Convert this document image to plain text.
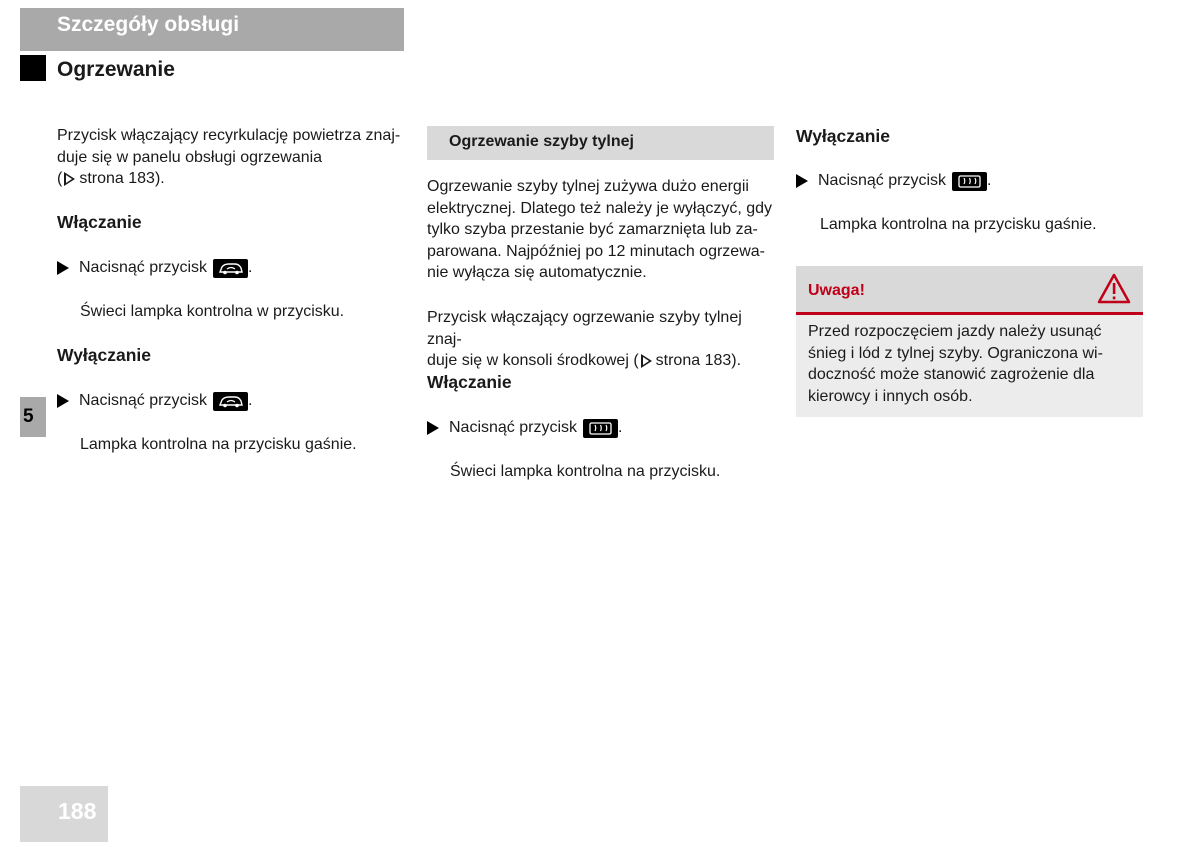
Szczegóły obsługi
Ogrzewanie
5
188
Przycisk włączający recyrkulację powietrza znaj-
duje się w panelu obsługi ogrzewania
( strona 183).
Włączanie
Nacisnąć przycisk	.
Świeci lampka kontrolna w przycisku.
Wyłączanie
Nacisnąć przycisk	.
Lampka kontrolna na przycisku gaśnie.
Ogrzewanie szyby tylnej
Ogrzewanie szyby tylnej zużywa dużo energii
elektrycznej. Dlatego też należy je wyłączyć, gdy
tylko szyba przestanie być zamarznięta lub za-
parowana. Najpóźniej po 12 minutach ogrzewa-
nie wyłącza się automatycznie.
Przycisk włączający ogrzewanie szyby tylnej znaj-
duje się w konsoli środkowej ( strona 183).
Włączanie
Nacisnąć przycisk	.
Świeci lampka kontrolna na przycisku.
Wyłączanie
Nacisnąć przycisk	.
Lampka kontrolna na przycisku gaśnie.
Uwaga!
Przed rozpoczęciem jazdy należy usunąć
śnieg i lód z tylnej szyby. Ograniczona wi-
doczność może stanowić zagrożenie dla
kierowcy i innych osób.
